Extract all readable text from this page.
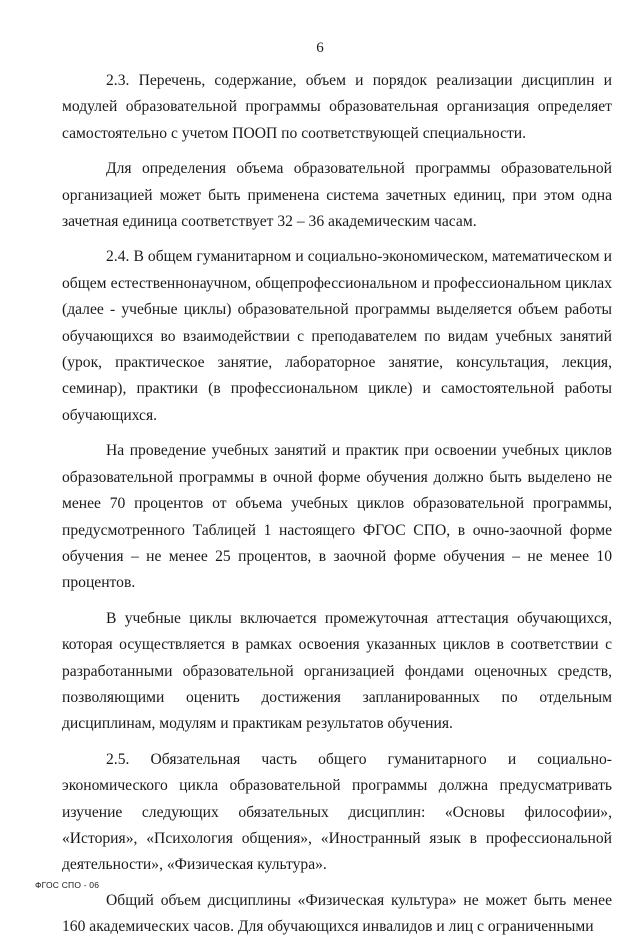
6

2.3. Перечень, содержание, объем и порядок реализации дисциплин и модулей образовательной программы образовательная организация определяет самостоятельно с учетом ПООП по соответствующей специальности.

Для определения объема образовательной программы образовательной организацией может быть применена система зачетных единиц, при этом одна зачетная единица соответствует 32 – 36 академическим часам.

2.4. В общем гуманитарном и социально-экономическом, математическом и общем естественнонаучном, общепрофессиональном и профессиональном циклах (далее - учебные циклы) образовательной программы выделяется объем работы обучающихся во взаимодействии с преподавателем по видам учебных занятий (урок, практическое занятие, лабораторное занятие, консультация, лекция, семинар), практики (в профессиональном цикле) и самостоятельной работы обучающихся.

На проведение учебных занятий и практик при освоении учебных циклов образовательной программы в очной форме обучения должно быть выделено не менее 70 процентов от объема учебных циклов образовательной программы, предусмотренного Таблицей 1 настоящего ФГОС СПО, в очно-заочной форме обучения – не менее 25 процентов, в заочной форме обучения – не менее 10 процентов.

В учебные циклы включается промежуточная аттестация обучающихся, которая осуществляется в рамках освоения указанных циклов в соответствии с разработанными образовательной организацией фондами оценочных средств, позволяющими оценить достижения запланированных по отдельным дисциплинам, модулям и практикам результатов обучения.

2.5. Обязательная часть общего гуманитарного и социально-экономического цикла образовательной программы должна предусматривать изучение следующих обязательных дисциплин: «Основы философии», «История», «Психология общения», «Иностранный язык в профессиональной деятельности», «Физическая культура».

Общий объем дисциплины «Физическая культура» не может быть менее 160 академических часов. Для обучающихся инвалидов и лиц с ограниченными

ФГОС СПО - 06
